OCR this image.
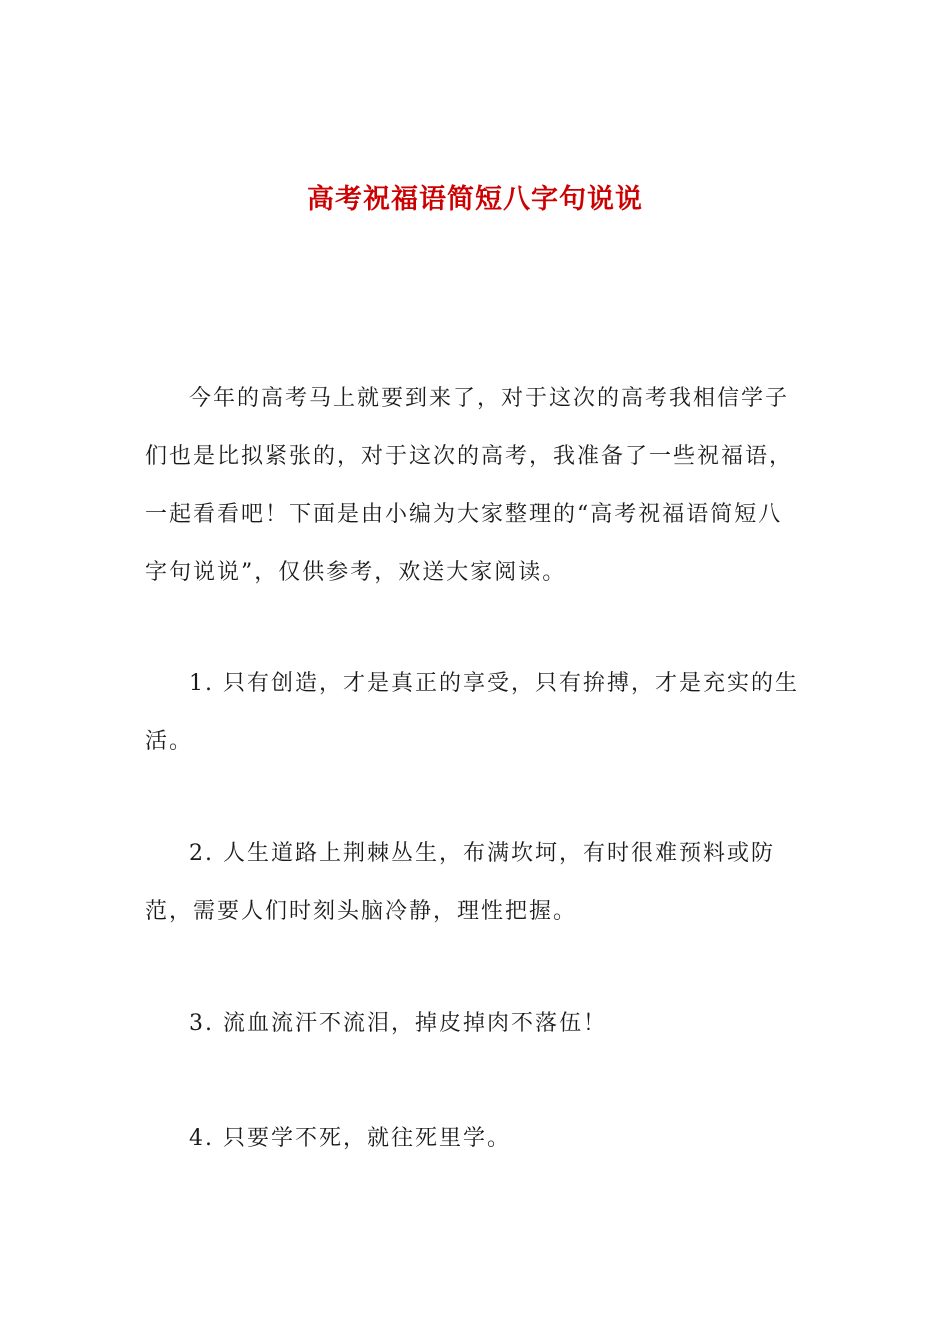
高考祝福语简短八字句说说

今年的高考马上就要到来了，对于这次的高考我相信学子们也是比拟紧张的，对于这次的高考，我准备了一些祝福语，一起看看吧！下面是由小编为大家整理的“高考祝福语简短八字句说说”，仅供参考，欢送大家阅读。

1. 只有创造，才是真正的享受，只有拚搏，才是充实的生活。

2. 人生道路上荆棘丛生，布满坎坷，有时很难预料或防范，需要人们时刻头脑冷静，理性把握。

3. 流血流汗不流泪，掉皮掉肉不落伍！

4. 只要学不死，就往死里学。
